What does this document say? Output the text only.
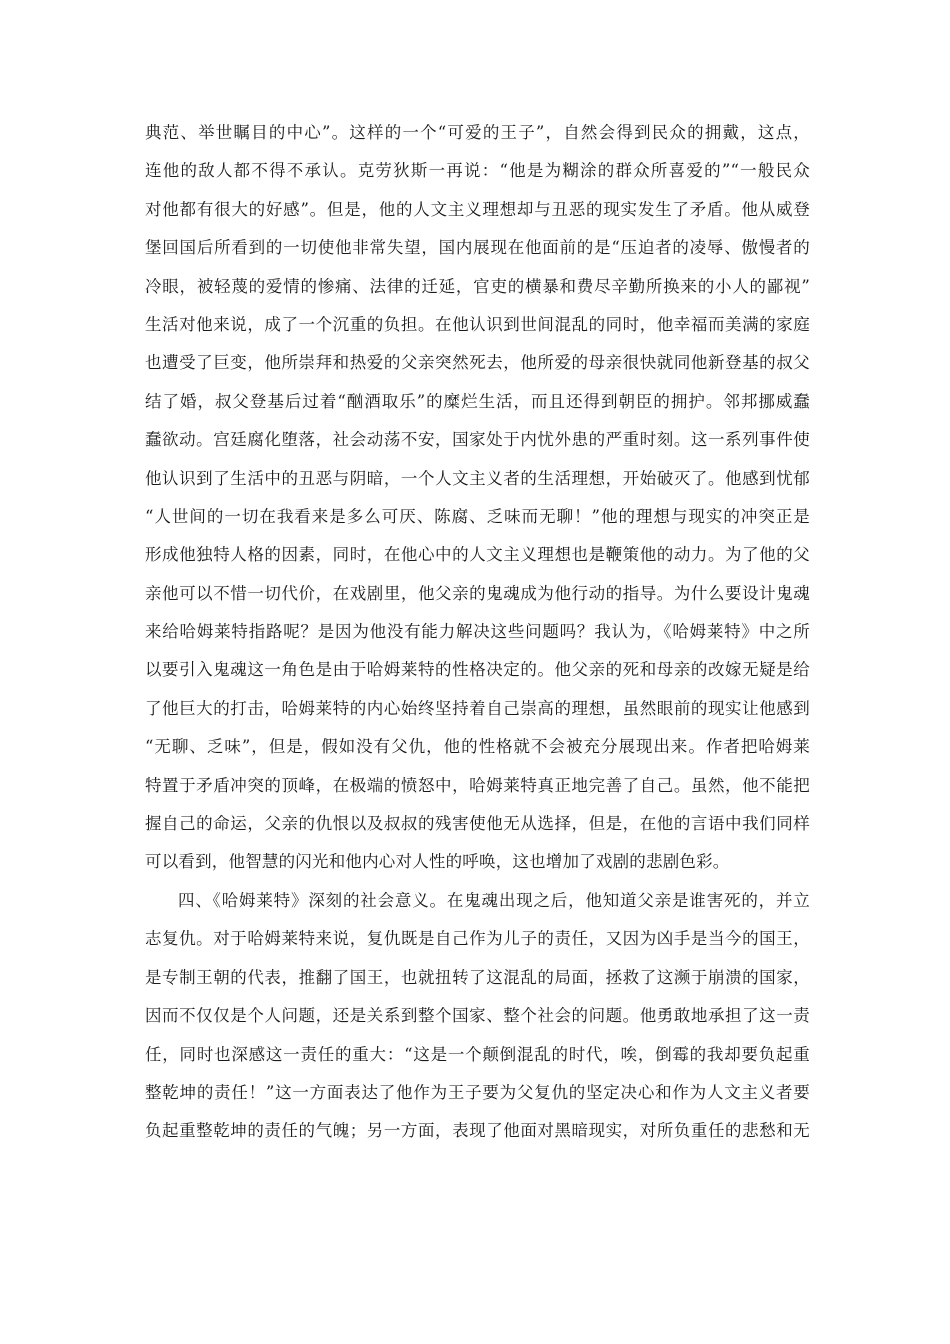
典范、举世瞩目的中心”。这样的一个“可爱的王子”，自然会得到民众的拥戴，这点，
连他的敌人都不得不承认。克劳狄斯一再说：“他是为糊涂的群众所喜爱的”“一般民众
对他都有很大的好感”。但是，他的人文主义理想却与丑恶的现实发生了矛盾。他从威登
堡回国后所看到的一切使他非常失望，国内展现在他面前的是“压迫者的凌辱、傲慢者的
冷眼，被轻蔑的爱情的惨痛、法律的迁延，官吏的横暴和费尽辛勤所换来的小人的鄙视”
生活对他来说，成了一个沉重的负担。在他认识到世间混乱的同时，他幸福而美满的家庭
也遭受了巨变，他所崇拜和热爱的父亲突然死去，他所爱的母亲很快就同他新登基的叔父
结了婚，叔父登基后过着“酗酒取乐”的糜烂生活，而且还得到朝臣的拥护。邻邦挪威蠢
蠢欲动。宫廷腐化堕落，社会动荡不安，国家处于内忧外患的严重时刻。这一系列事件使
他认识到了生活中的丑恶与阴暗，一个人文主义者的生活理想，开始破灭了。他感到忧郁
“人世间的一切在我看来是多么可厌、陈腐、乏味而无聊！”他的理想与现实的冲突正是
形成他独特人格的因素，同时，在他心中的人文主义理想也是鞭策他的动力。为了他的父
亲他可以不惜一切代价，在戏剧里，他父亲的鬼魂成为他行动的指导。为什么要设计鬼魂
来给哈姆莱特指路呢？是因为他没有能力解决这些问题吗？我认为，《哈姆莱特》中之所
以要引入鬼魂这一角色是由于哈姆莱特的性格决定的。他父亲的死和母亲的改嫁无疑是给
了他巨大的打击，哈姆莱特的内心始终坚持着自己崇高的理想，虽然眼前的现实让他感到
“无聊、乏味”，但是，假如没有父仇，他的性格就不会被充分展现出来。作者把哈姆莱
特置于矛盾冲突的顶峰，在极端的愤怒中，哈姆莱特真正地完善了自己。虽然，他不能把
握自己的命运，父亲的仇恨以及叔叔的残害使他无从选择，但是，在他的言语中我们同样
可以看到，他智慧的闪光和他内心对人性的呼唤，这也增加了戏剧的悲剧色彩。
四、《哈姆莱特》深刻的社会意义。在鬼魂出现之后，他知道父亲是谁害死的，并立
志复仇。对于哈姆莱特来说，复仇既是自己作为儿子的责任，又因为凶手是当今的国王，
是专制王朝的代表，推翻了国王，也就扭转了这混乱的局面，拯救了这濒于崩溃的国家，
因而不仅仅是个人问题，还是关系到整个国家、整个社会的问题。他勇敢地承担了这一责
任，同时也深感这一责任的重大：“这是一个颠倒混乱的时代，唉，倒霉的我却要负起重
整乾坤的责任！”这一方面表达了他作为王子要为父复仇的坚定决心和作为人文主义者要
负起重整乾坤的责任的气魄；另一方面，表现了他面对黑暗现实，对所负重任的悲愁和无
